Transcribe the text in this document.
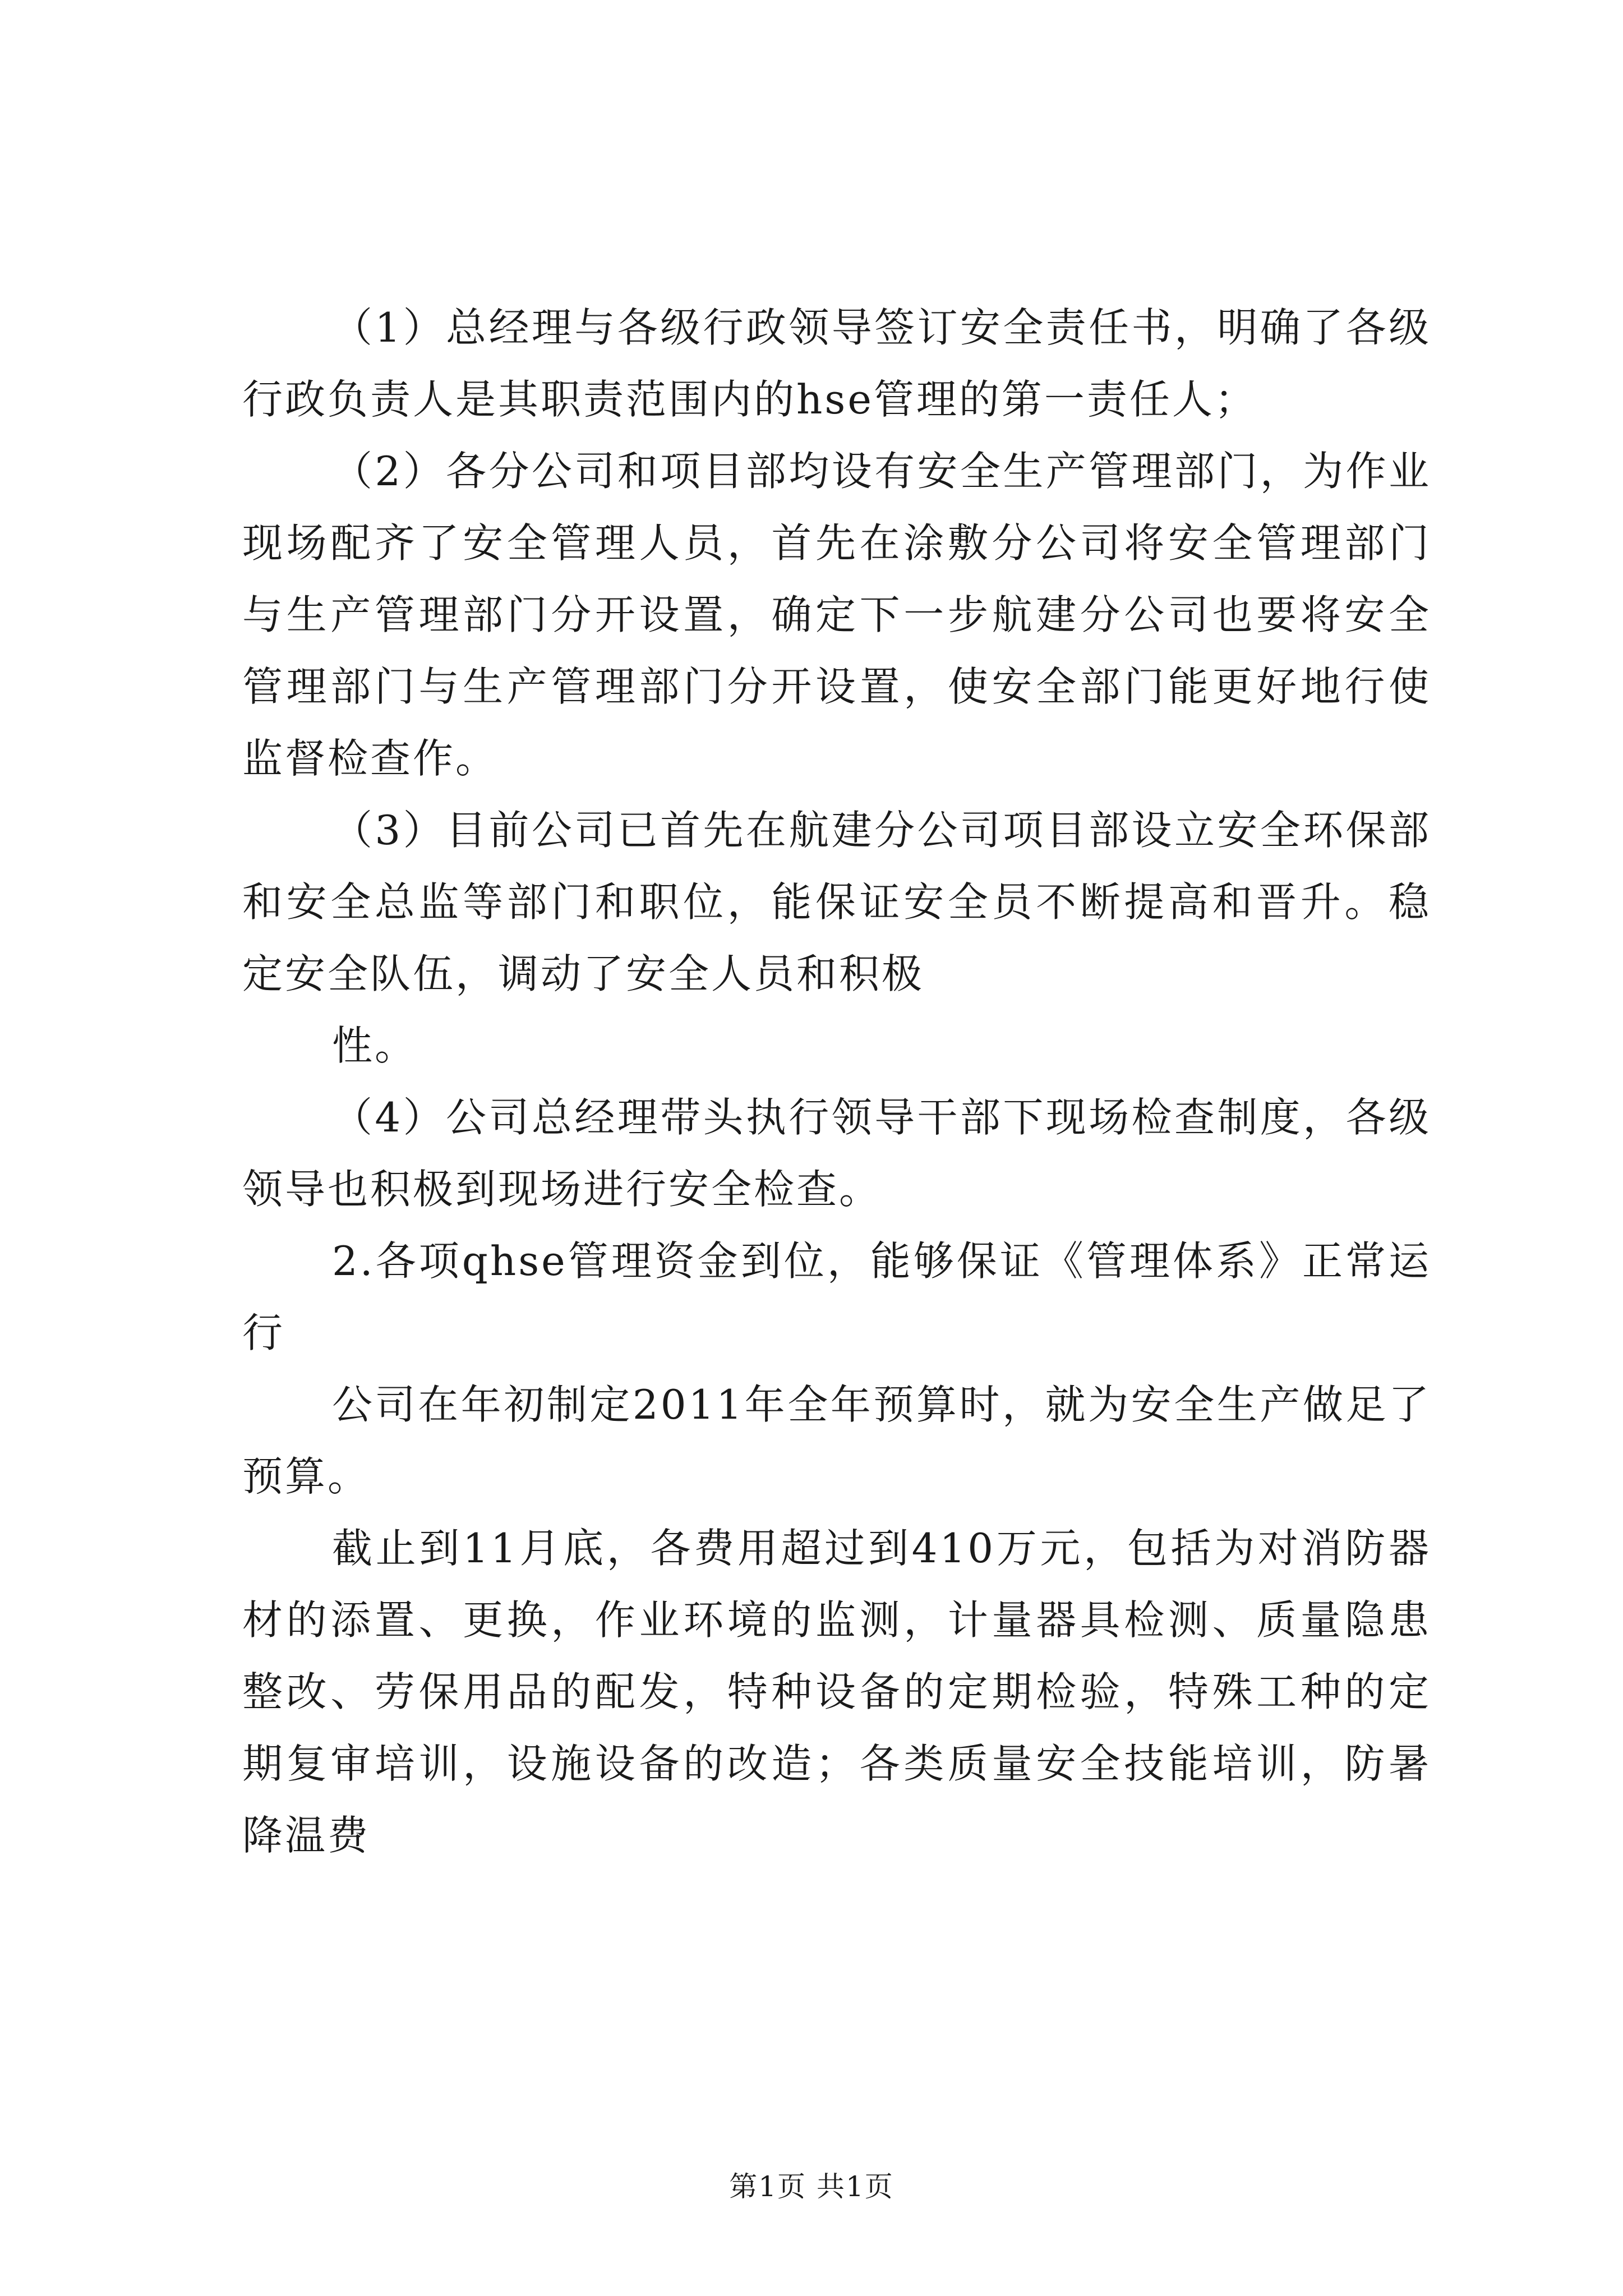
（1）总经理与各级行政领导签订安全责任书，明确了各级行政负责人是其职责范围内的hse管理的第一责任人；

（2）各分公司和项目部均设有安全生产管理部门，为作业现场配齐了安全管理人员，首先在涂敷分公司将安全管理部门与生产管理部门分开设置，确定下一步航建分公司也要将安全管理部门与生产管理部门分开设置，使安全部门能更好地行使监督检查作。

（3）目前公司已首先在航建分公司项目部设立安全环保部和安全总监等部门和职位，能保证安全员不断提高和晋升。稳定安全队伍，调动了安全人员和积极

性。

（4）公司总经理带头执行领导干部下现场检查制度，各级领导也积极到现场进行安全检查。

2.各项qhse管理资金到位，能够保证《管理体系》正常运行

公司在年初制定2011年全年预算时，就为安全生产做足了预算。

截止到11月底，各费用超过到410万元，包括为对消防器材的添置、更换，作业环境的监测，计量器具检测、质量隐患整改、劳保用品的配发，特种设备的定期检验，特殊工种的定期复审培训，设施设备的改造；各类质量安全技能培训，防暑降温费

第1页 共1页
